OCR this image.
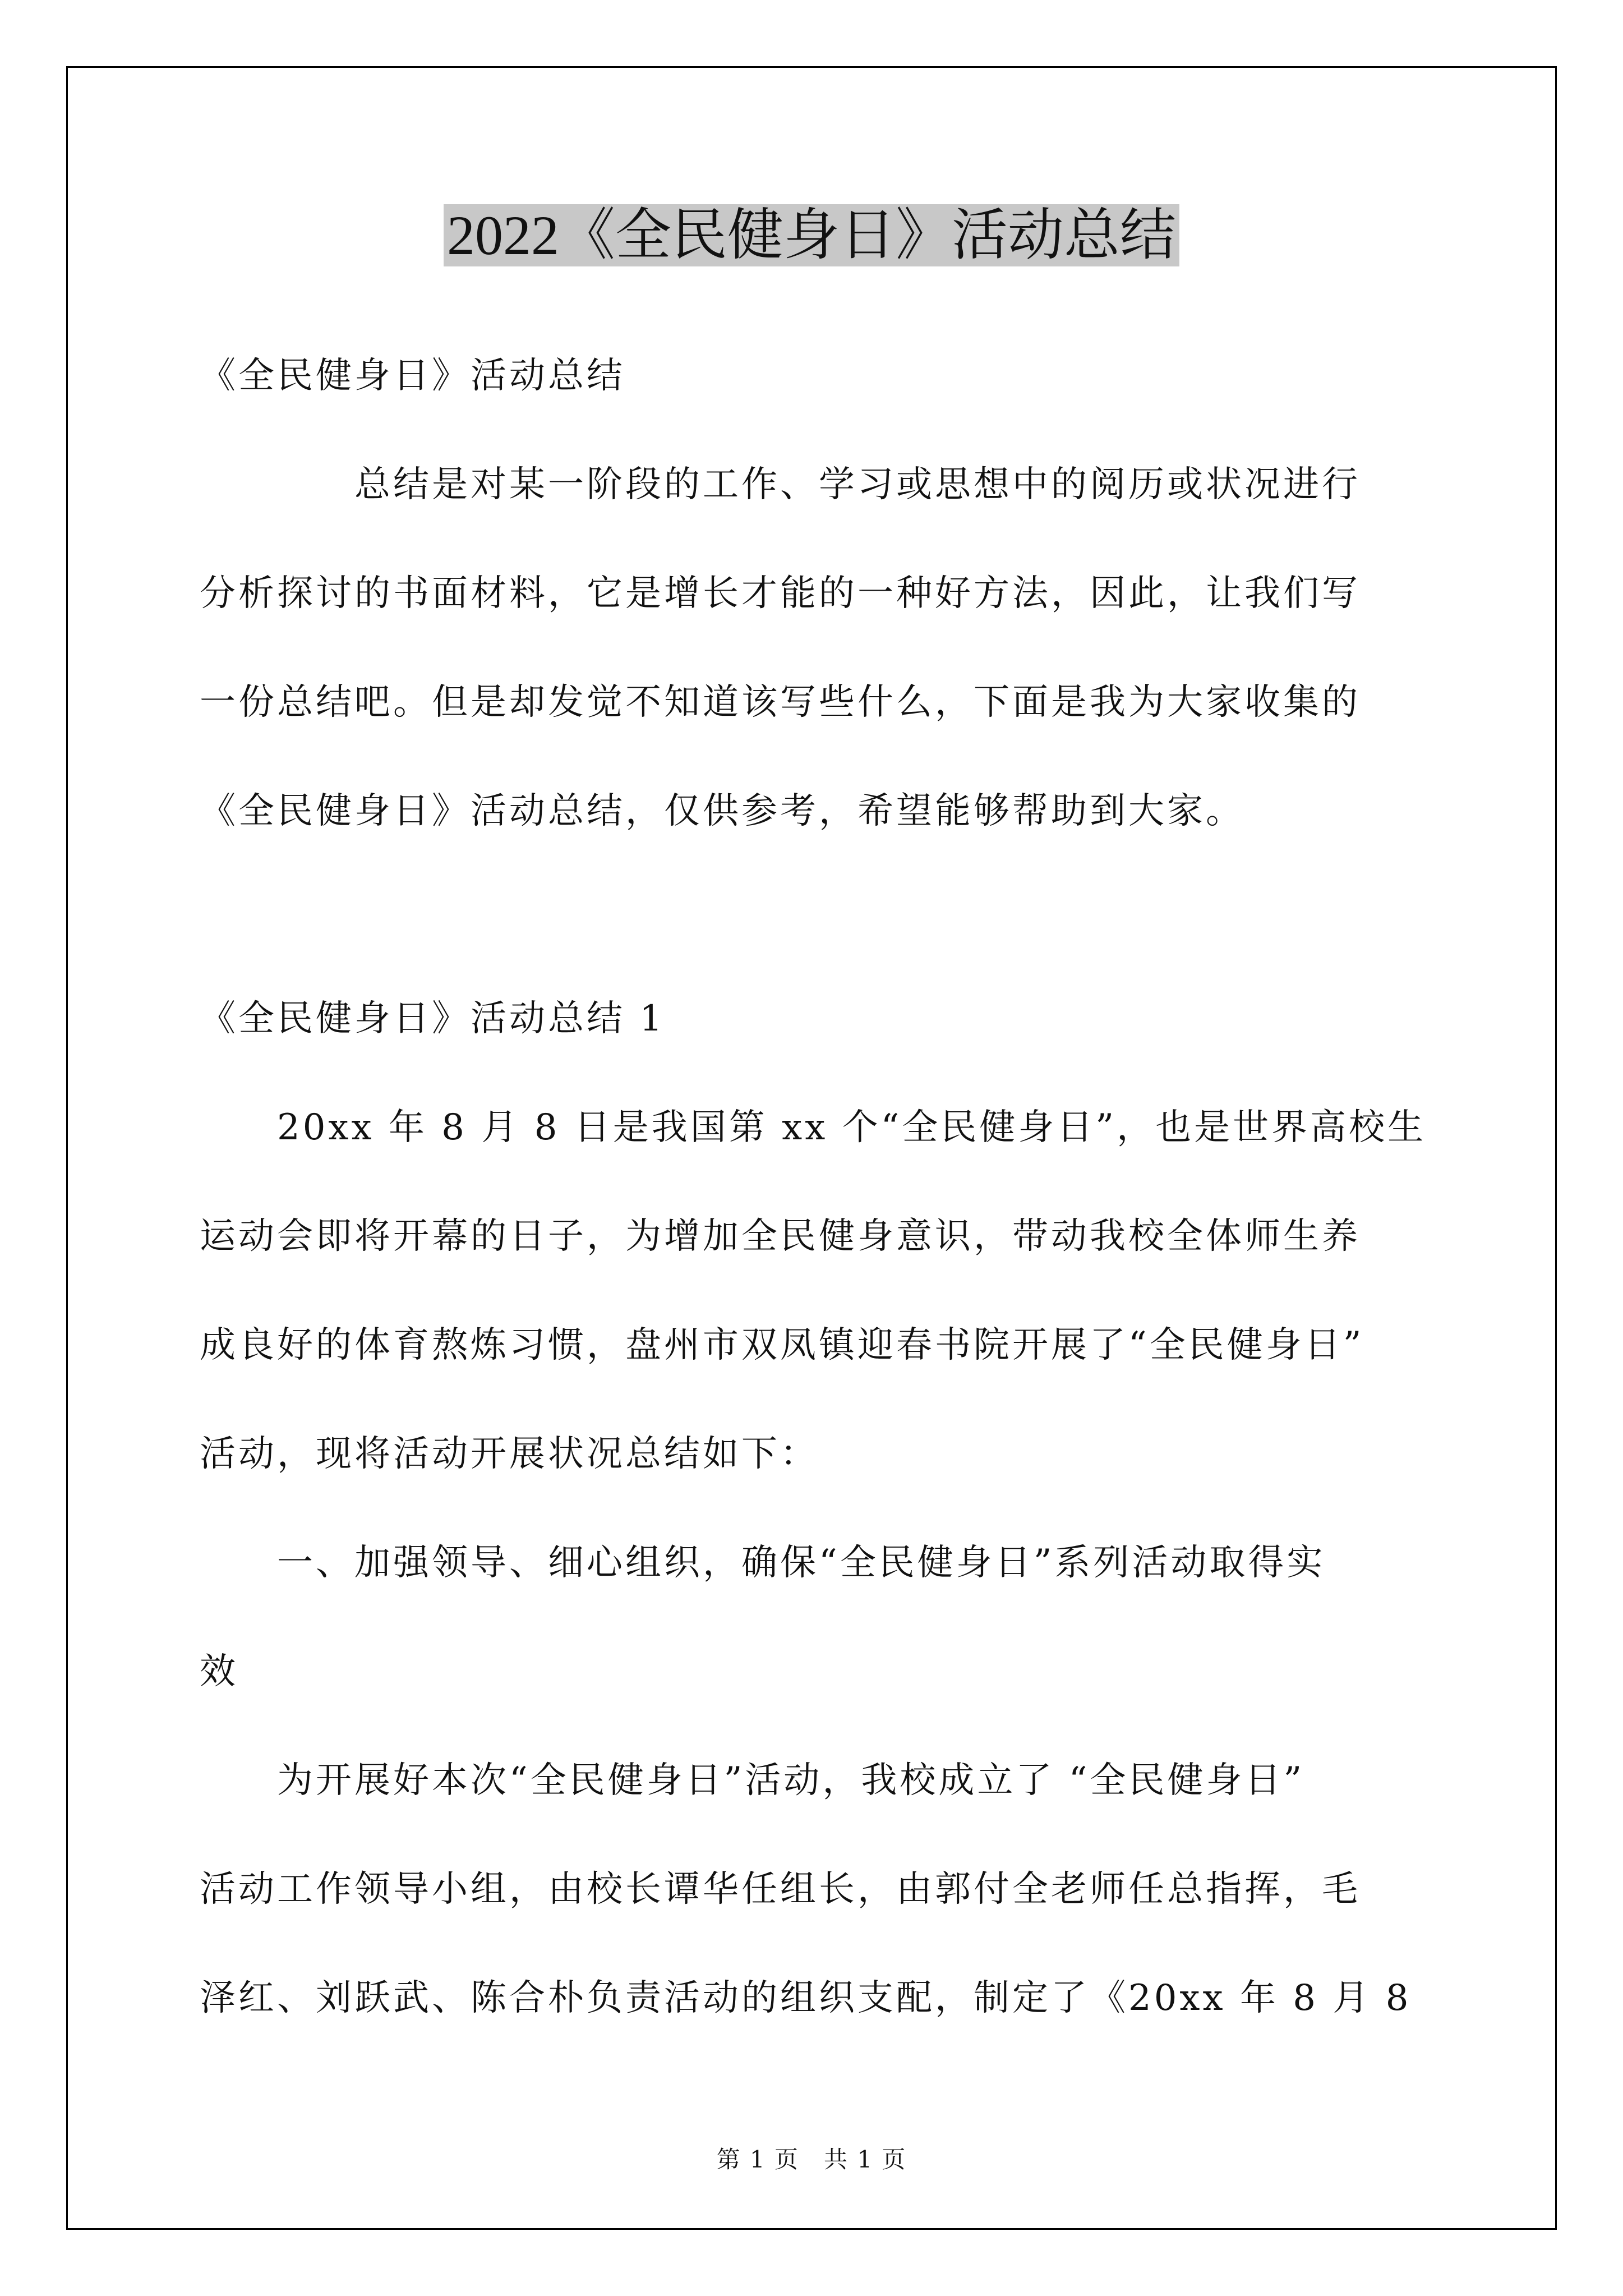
2022《全民健身日》活动总结
《全民健身日》活动总结
　　　　总结是对某一阶段的工作、学习或思想中的阅历或状况进行
分析探讨的书面材料，它是增长才能的一种好方法，因此，让我们写
一份总结吧。但是却发觉不知道该写些什么，下面是我为大家收集的
《全民健身日》活动总结，仅供参考，希望能够帮助到大家。
《全民健身日》活动总结 1
　　20xx 年 8 月 8 日是我国第 xx 个“全民健身日”，也是世界高校生
运动会即将开幕的日子，为增加全民健身意识，带动我校全体师生养
成良好的体育熬炼习惯，盘州市双凤镇迎春书院开展了“全民健身日”
活动，现将活动开展状况总结如下：
　　一、加强领导、细心组织，确保“全民健身日”系列活动取得实
效
　　为开展好本次“全民健身日”活动，我校成立了 “全民健身日”
活动工作领导小组，由校长谭华任组长，由郭付全老师任总指挥，毛
泽红、刘跃武、陈合朴负责活动的组织支配，制定了《20xx 年 8 月 8
第 1 页　共 1 页
